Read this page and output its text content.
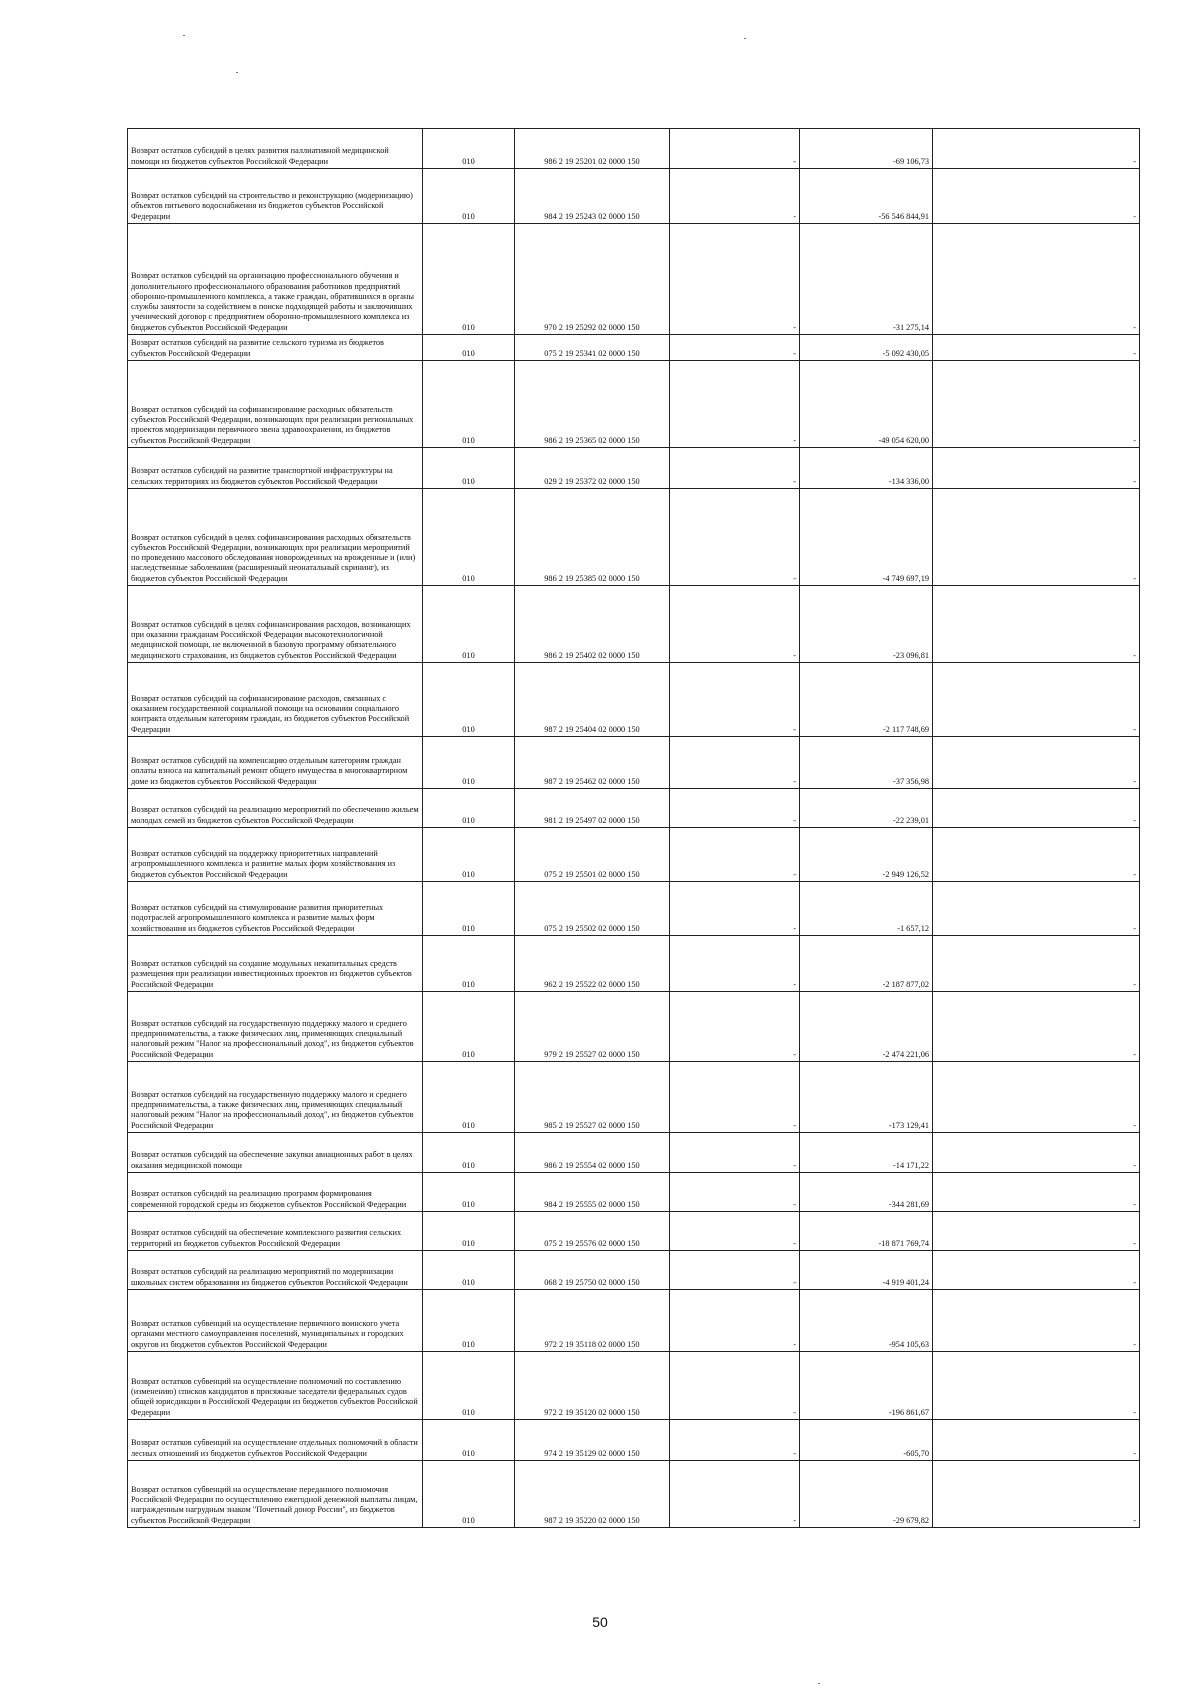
Возврат остатков субсидий в целях развития паллиативной медицинской помощи из бюджетов субъектов Российской Федерации	010	986 2 19 25201 02 0000 150	-	-69 106,73	-
Возврат остатков субсидий на строительство и реконструкцию (модернизацию) объектов питьевого водоснабжения из бюджетов субъектов Российской Федерации	010	984 2 19 25243 02 0000 150	-	-56 546 844,91	-
Возврат остатков субсидий на организацию профессионального обучения и дополнительного профессионального образования работников предприятий оборонно-промышленного комплекса, а также граждан, обратившихся в органы службы занятости за содействием в поиске подходящей работы и заключивших ученический договор с предприятием оборонно-промышленного комплекса из бюджетов субъектов Российской Федерации	010	970 2 19 25292 02 0000 150	-	-31 275,14	-
Возврат остатков субсидий на развитие сельского туризма из бюджетов субъектов Российской Федерации	010	075 2 19 25341 02 0000 150	-	-5 092 430,05	-
Возврат остатков субсидий на софинансирование расходных обязательств субъектов Российской Федерации, возникающих при реализации региональных проектов модернизации первичного звена здравоохранения, из бюджетов субъектов Российской Федерации	010	986 2 19 25365 02 0000 150	-	-49 054 620,00	-
Возврат остатков субсидий на развитие транспортной инфраструктуры на сельских территориях из бюджетов субъектов Российской Федерации	010	029 2 19 25372 02 0000 150	-	-134 336,00	-
Возврат остатков субсидий в целях софинансирования расходных обязательств субъектов Российской Федерации, возникающих при реализации мероприятий по проведению массового обследования новорожденных на врожденные и (или) наследственные заболевания (расширенный неонатальный скрининг), из бюджетов субъектов Российской Федерации	010	986 2 19 25385 02 0000 150	-	-4 749 697,19	-
Возврат остатков субсидий в целях софинансирования расходов, возникающих при оказании гражданам Российской Федерации высокотехнологичной медицинской помощи, не включенной в базовую программу обязательного медицинского страхования, из бюджетов субъектов Российской Федерации	010	986 2 19 25402 02 0000 150	-	-23 096,81	-
Возврат остатков субсидий на софинансирование расходов, связанных с оказанием государственной социальной помощи на основании социального контракта отдельным категориям граждан, из бюджетов субъектов Российской Федерации	010	987 2 19 25404 02 0000 150	-	-2 117 748,69	-
Возврат остатков субсидий на компенсацию отдельным категориям граждан оплаты взноса на капитальный ремонт общего имущества в многоквартирном доме из бюджетов субъектов Российской Федерации	010	987 2 19 25462 02 0000 150	-	-37 356,98	-
Возврат остатков субсидий на реализацию мероприятий по обеспечению жильем молодых семей из бюджетов субъектов Российской Федерации	010	981 2 19 25497 02 0000 150	-	-22 239,01	-
Возврат остатков субсидий на поддержку приоритетных направлений агропромышленного комплекса и развитие малых форм хозяйствования из бюджетов субъектов Российской Федерации	010	075 2 19 25501 02 0000 150	-	-2 949 126,52	-
Возврат остатков субсидий на стимулирование развития приоритетных подотраслей агропромышленного комплекса и развитие малых форм хозяйствования из бюджетов субъектов Российской Федерации	010	075 2 19 25502 02 0000 150	-	-1 657,12	-
Возврат остатков субсидий на создание модульных некапитальных средств размещения при реализации инвестиционных проектов из бюджетов субъектов Российской Федерации	010	962 2 19 25522 02 0000 150	-	-2 187 877,02	-
Возврат остатков субсидий на государственную поддержку малого и среднего предпринимательства, а также физических лиц, применяющих специальный налоговый режим "Налог на профессиональный доход", из бюджетов субъектов Российской Федерации	010	979 2 19 25527 02 0000 150	-	-2 474 221,06	-
Возврат остатков субсидий на государственную поддержку малого и среднего предпринимательства, а также физических лиц, применяющих специальный налоговый режим "Налог на профессиональный доход", из бюджетов субъектов Российской Федерации	010	985 2 19 25527 02 0000 150	-	-173 129,41	-
Возврат остатков субсидий на обеспечение закупки авиационных работ в целях оказания медицинской помощи	010	986 2 19 25554 02 0000 150	-	-14 171,22	-
Возврат остатков субсидий на реализацию программ формирования современной городской среды из бюджетов субъектов Российской Федерации	010	984 2 19 25555 02 0000 150	-	-344 281,69	-
Возврат остатков субсидий на обеспечение комплексного развития сельских территорий из бюджетов субъектов Российской Федерации	010	075 2 19 25576 02 0000 150	-	-18 871 769,74	-
Возврат остатков субсидий на реализацию мероприятий по модернизации школьных систем образования из бюджетов субъектов Российской Федерации	010	068 2 19 25750 02 0000 150	-	-4 919 401,24	-
Возврат остатков субвенций на осуществление первичного воинского учета органами местного самоуправления поселений, муниципальных и городских округов из бюджетов субъектов Российской Федерации	010	972 2 19 35118 02 0000 150	-	-954 105,63	-
Возврат остатков субвенций на осуществление полномочий по составлению (изменению) списков кандидатов в присяжные заседатели федеральных судов общей юрисдикции в Российской Федерации из бюджетов субъектов Российской Федерации	010	972 2 19 35120 02 0000 150	-	-196 861,67	-
Возврат остатков субвенций на осуществление отдельных полномочий в области лесных отношений из бюджетов субъектов Российской Федерации	010	974 2 19 35129 02 0000 150	-	-605,70	-
Возврат остатков субвенций на осуществление переданного полномочия Российской Федерации по осуществлению ежегодной денежной выплаты лицам, награжденным нагрудным знаком "Почетный донор России", из бюджетов субъектов Российской Федерации	010	987 2 19 35220 02 0000 150	-	-29 679,82	-
50
